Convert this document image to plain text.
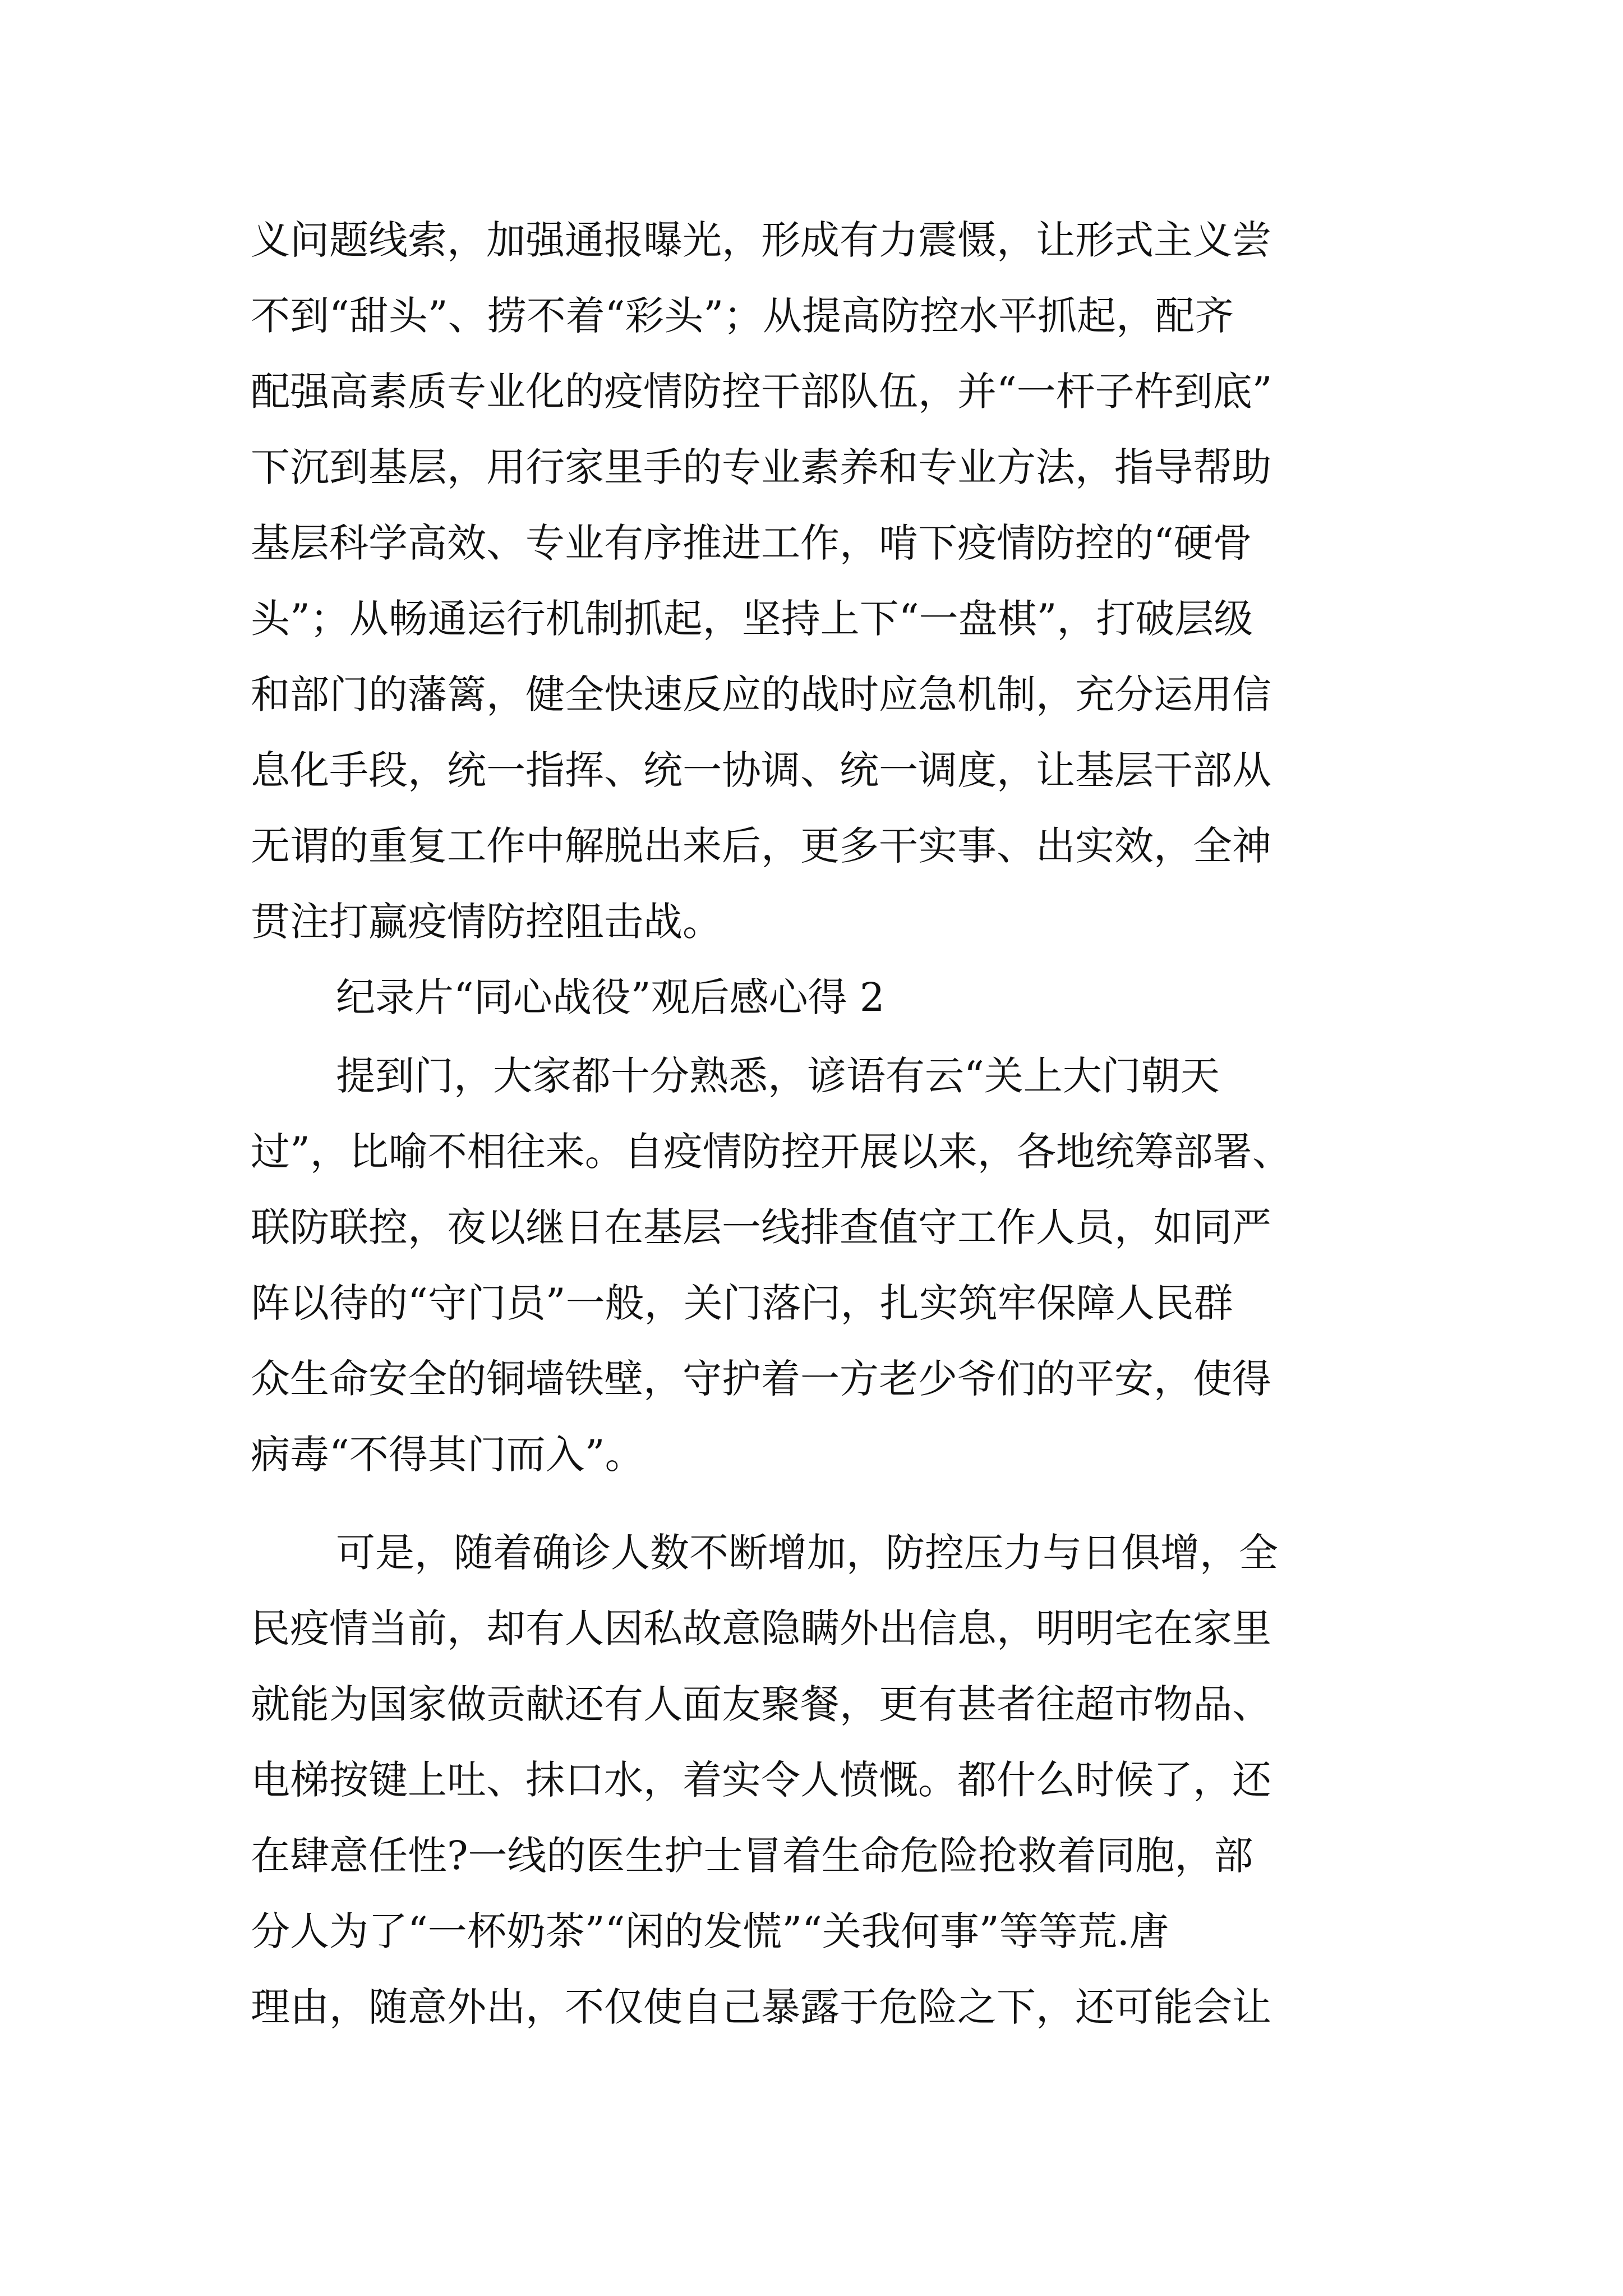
义问题线索，加强通报曝光，形成有力震慑，让形式主义尝
不到“甜头”、捞不着“彩头”；从提高防控水平抓起，配齐
配强高素质专业化的疫情防控干部队伍，并“一杆子杵到底”
下沉到基层，用行家里手的专业素养和专业方法，指导帮助
基层科学高效、专业有序推进工作，啃下疫情防控的“硬骨
头”；从畅通运行机制抓起，坚持上下“一盘棋”，打破层级
和部门的藩篱，健全快速反应的战时应急机制，充分运用信
息化手段，统一指挥、统一协调、统一调度，让基层干部从
无谓的重复工作中解脱出来后，更多干实事、出实效，全神
贯注打赢疫情防控阻击战。
纪录片“同心战役”观后感心得 2
提到门，大家都十分熟悉，谚语有云“关上大门朝天
过”，比喻不相往来。自疫情防控开展以来，各地统筹部署、
联防联控，夜以继日在基层一线排查值守工作人员，如同严
阵以待的“守门员”一般，关门落闩，扎实筑牢保障人民群
众生命安全的铜墙铁壁，守护着一方老少爷们的平安，使得
病毒“不得其门而入”。
可是，随着确诊人数不断增加，防控压力与日俱增，全
民疫情当前，却有人因私故意隐瞒外出信息，明明宅在家里
就能为国家做贡献还有人面友聚餐，更有甚者往超市物品、
电梯按键上吐、抹口水，着实令人愤慨。都什么时候了，还
在肆意任性?一线的医生护士冒着生命危险抢救着同胞，部
分人为了“一杯奶茶”“闲的发慌”“关我何事”等等荒.唐
理由，随意外出，不仅使自己暴露于危险之下，还可能会让
